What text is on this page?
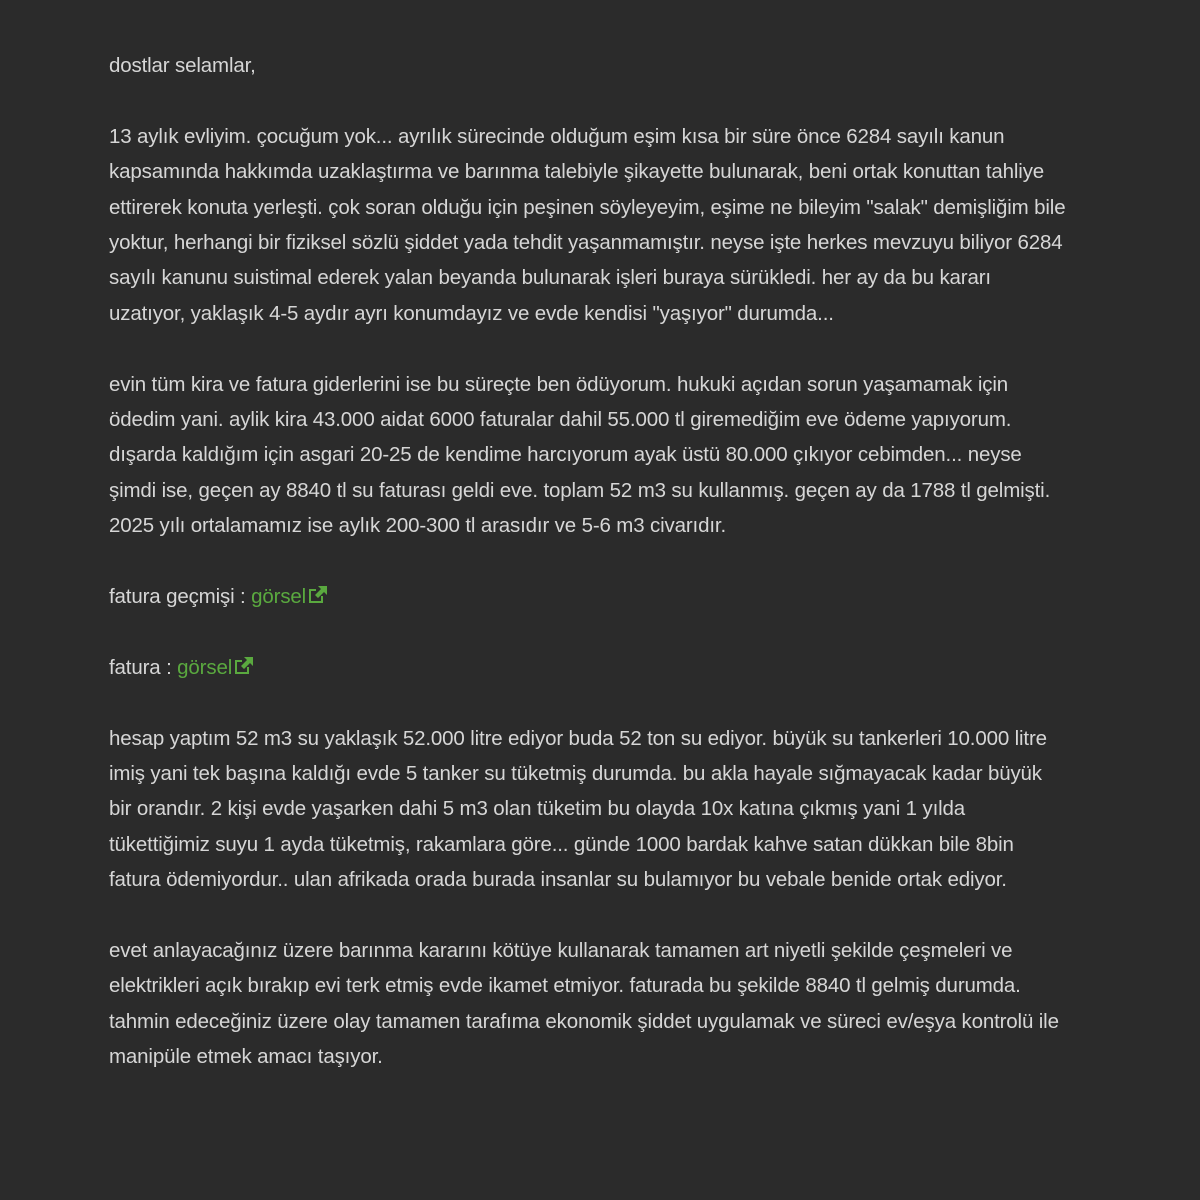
dostlar selamlar,

13 aylık evliyim. çocuğum yok... ayrılık sürecinde olduğum eşim kısa bir süre önce 6284 sayılı kanun kapsamında hakkımda uzaklaştırma ve barınma talebiyle şikayette bulunarak, beni ortak konuttan tahliye ettirerek konuta yerleşti. çok soran olduğu için peşinen söyleyeyim, eşime ne bileyim "salak" demişliğim bile yoktur, herhangi bir fiziksel sözlü şiddet yada tehdit yaşanmamıştır. neyse işte herkes mevzuyu biliyor 6284 sayılı kanunu suistimal ederek yalan beyanda bulunarak işleri buraya sürükledi. her ay da bu kararı uzatıyor, yaklaşık 4-5 aydır ayrı konumdayız ve evde kendisi "yaşıyor" durumda...

evin tüm kira ve fatura giderlerini ise bu süreçte ben ödüyorum. hukuki açıdan sorun yaşamamak için ödedim yani. aylik kira 43.000 aidat 6000 faturalar dahil 55.000 tl giremediğim eve ödeme yapıyorum. dışarda kaldığım için asgari 20-25 de kendime harcıyorum ayak üstü 80.000 çıkıyor cebimden... neyse şimdi ise, geçen ay 8840 tl su faturası geldi eve. toplam 52 m3 su kullanmış. geçen ay da 1788 tl gelmişti. 2025 yılı ortalamamız ise aylık 200-300 tl arasıdır ve 5-6 m3 civarıdır.

fatura geçmişi : görsel

fatura : görsel

hesap yaptım 52 m3 su yaklaşık 52.000 litre ediyor buda 52 ton su ediyor. büyük su tankerleri 10.000 litre imiş yani tek başına kaldığı evde 5 tanker su tüketmiş durumda. bu akla hayale sığmayacak kadar büyük bir orandır. 2 kişi evde yaşarken dahi 5 m3 olan tüketim bu olayda 10x katına çıkmış yani 1 yılda tükettiğimiz suyu 1 ayda tüketmiş, rakamlara göre... günde 1000 bardak kahve satan dükkan bile 8bin fatura ödemiyordur.. ulan afrikada orada burada insanlar su bulamıyor bu vebale benide ortak ediyor.

evet anlayacağınız üzere barınma kararını kötüye kullanarak tamamen art niyetli şekilde çeşmeleri ve elektrikleri açık bırakıp evi terk etmiş evde ikamet etmiyor. faturada bu şekilde 8840 tl gelmiş durumda. tahmin edeceğiniz üzere olay tamamen tarafıma ekonomik şiddet uygulamak ve süreci ev/eşya kontrolü ile manipüle etmek amacı taşıyor.
